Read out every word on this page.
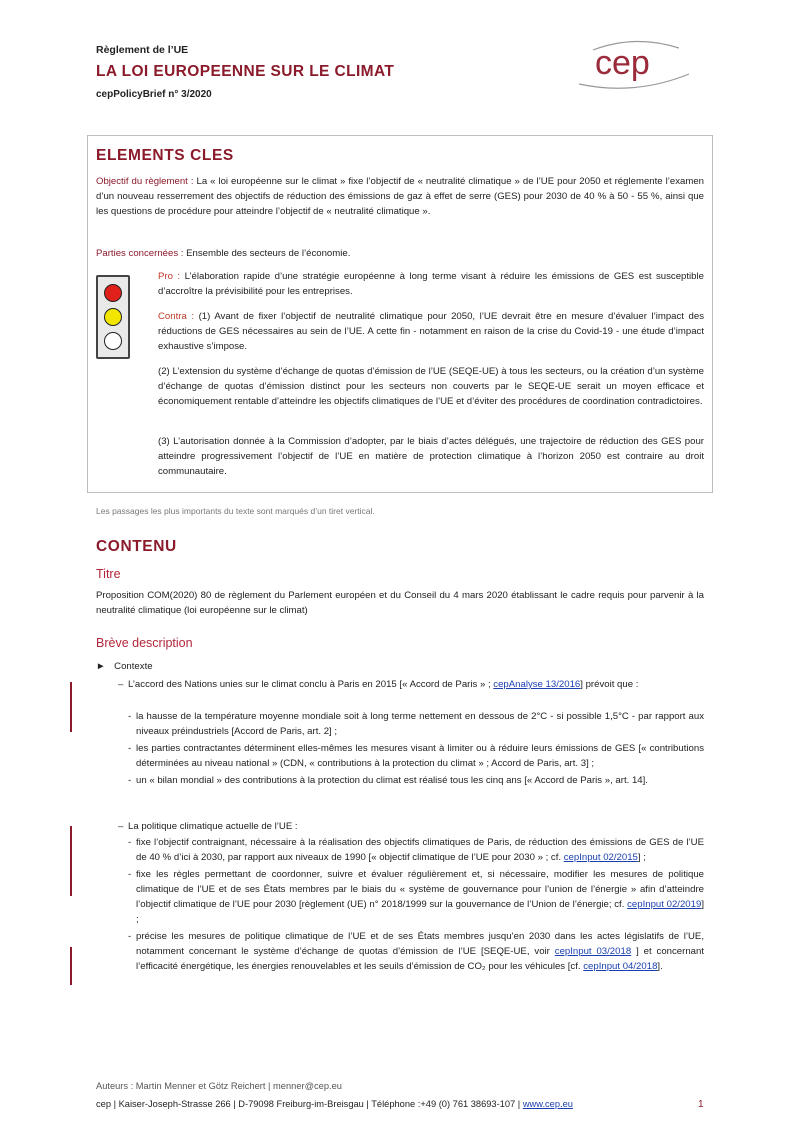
Règlement de l’UE
LA LOI EUROPEENNE SUR LE CLIMAT
cepPolicyBrief n° 3/2020
cep
ELEMENTS CLES
Objectif du règlement : La « loi européenne sur le climat » fixe l’objectif de « neutralité climatique » de l’UE pour 2050 et réglemente l’examen d’un nouveau resserrement des objectifs de réduction des émissions de gaz à effet de serre (GES) pour 2030 de 40 % à 50 - 55 %, ainsi que les questions de procédure pour atteindre l’objectif de « neutralité climatique ».
Parties concernées : Ensemble des secteurs de l’économie.
Pro : L’élaboration rapide d’une stratégie européenne à long terme visant à réduire les émissions de GES est susceptible d’accroître la prévisibilité pour les entreprises.
Contra : (1) Avant de fixer l’objectif de neutralité climatique pour 2050, l’UE devrait être en mesure d’évaluer l’impact des réductions de GES nécessaires au sein de l’UE. A cette fin - notamment en raison de la crise du Covid-19 - une étude d’impact exhaustive s’impose.
(2) L’extension du système d’échange de quotas d’émission de l’UE (SEQE-UE) à tous les secteurs, ou la création d’un système d’échange de quotas d’émission distinct pour les secteurs non couverts par le SEQE-UE serait un moyen efficace et économiquement rentable d’atteindre les objectifs climatiques de l’UE et d’éviter des procédures de coordination contradictoires.
(3) L’autorisation donnée à la Commission d’adopter, par le biais d’actes délégués, une trajectoire de réduction des GES pour atteindre progressivement l’objectif de l’UE en matière de protection climatique à l’horizon 2050 est contraire au droit communautaire.
Les passages les plus importants du texte sont marqués d’un tiret vertical.
CONTENU
Titre
Proposition COM(2020) 80 de règlement du Parlement européen et du Conseil du 4 mars 2020 établissant le cadre requis pour parvenir à la neutralité climatique (loi européenne sur le climat)
Brève description
► Contexte
– L’accord des Nations unies sur le climat conclu à Paris en 2015 [« Accord de Paris » ; cepAnalyse 13/2016] prévoit que :
- la hausse de la température moyenne mondiale soit à long terme nettement en dessous de 2°C - si possible 1,5°C - par rapport aux niveaux préindustriels [Accord de Paris, art. 2] ;
- les parties contractantes déterminent elles-mêmes les mesures visant à limiter ou à réduire leurs émissions de GES [« contributions déterminées au niveau national » (CDN, « contributions à la protection du climat » ; Accord de Paris, art. 3] ;
- un « bilan mondial » des contributions à la protection du climat est réalisé tous les cinq ans [« Accord de Paris », art. 14].
– La politique climatique actuelle de l’UE :
- fixe l’objectif contraignant, nécessaire à la réalisation des objectifs climatiques de Paris, de réduction des émissions de GES de l’UE de 40 % d’ici à 2030, par rapport aux niveaux de 1990 [« objectif climatique de l’UE pour 2030 » ; cf. cepInput 02/2015] ;
- fixe les règles permettant de coordonner, suivre et évaluer régulièrement et, si nécessaire, modifier les mesures de politique climatique de l’UE et de ses États membres par le biais du « système de gouvernance pour l’union de l’énergie » afin d’atteindre l’objectif climatique de l’UE pour 2030 [règlement (UE) n° 2018/1999 sur la gouvernance de l’Union de l’énergie; cf. cepInput 02/2019] ;
- précise les mesures de politique climatique de l’UE et de ses États membres jusqu’en 2030 dans les actes législatifs de l’UE, notamment concernant le système d’échange de quotas d’émission de l’UE [SEQE-UE, voir cepInput 03/2018 ] et concernant l’efficacité énergétique, les énergies renouvelables et les seuils d’émission de CO₂ pour les véhicules [cf. cepInput 04/2018].
Auteurs : Martin Menner et Götz Reichert | menner@cep.eu
cep | Kaiser-Joseph-Strasse 266 | D-79098 Freiburg-im-Breisgau | Téléphone :+49 (0) 761 38693-107 | www.cep.eu	1
